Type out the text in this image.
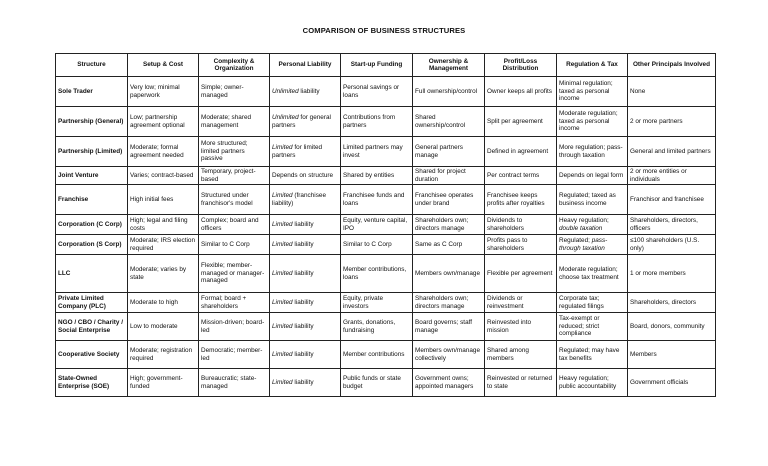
COMPARISON OF BUSINESS STRUCTURES
Structure	Setup & Cost	Complexity & Organization	Personal Liability	Start-up Funding	Ownership & Management	Profit/Loss Distribution	Regulation & Tax	Other Principals Involved
Sole Trader	Very low; minimal paperwork	Simple; owner-managed	Unlimited liability	Personal savings or loans	Full ownership/control	Owner keeps all profits	Minimal regulation; taxed as personal income	None
Partnership (General)	Low; partnership agreement optional	Moderate; shared management	Unlimited for general partners	Contributions from partners	Shared ownership/control	Split per agreement	Moderate regulation; taxed as personal income	2 or more partners
Partnership (Limited)	Moderate; formal agreement needed	More structured; limited partners passive	Limited for limited partners	Limited partners may invest	General partners manage	Defined in agreement	More regulation; pass-through taxation	General and limited partners
Joint Venture	Varies; contract-based	Temporary, project-based	Depends on structure	Shared by entities	Shared for project duration	Per contract terms	Depends on legal form	2 or more entities or individuals
Franchise	High initial fees	Structured under franchisor's model	Limited (franchisee liability)	Franchisee funds and loans	Franchisee operates under brand	Franchisee keeps profits after royalties	Regulated; taxed as business income	Franchisor and franchisee
Corporation (C Corp)	High; legal and filing costs	Complex; board and officers	Limited liability	Equity, venture capital, IPO	Shareholders own; directors manage	Dividends to shareholders	Heavy regulation; double taxation	Shareholders, directors, officers
Corporation (S Corp)	Moderate; IRS election required	Similar to C Corp	Limited liability	Similar to C Corp	Same as C Corp	Profits pass to shareholders	Regulated; pass-through taxation	≤100 shareholders (U.S. only)
LLC	Moderate; varies by state	Flexible; member-managed or manager-managed	Limited liability	Member contributions, loans	Members own/manage	Flexible per agreement	Moderate regulation; choose tax treatment	1 or more members
Private Limited Company (PLC)	Moderate to high	Formal; board + shareholders	Limited liability	Equity, private investors	Shareholders own; directors manage	Dividends or reinvestment	Corporate tax; regulated filings	Shareholders, directors
NGO / CBO / Charity / Social Enterprise	Low to moderate	Mission-driven; board-led	Limited liability	Grants, donations, fundraising	Board governs; staff manage	Reinvested into mission	Tax-exempt or reduced; strict compliance	Board, donors, community
Cooperative Society	Moderate; registration required	Democratic; member-led	Limited liability	Member contributions	Members own/manage collectively	Shared among members	Regulated; may have tax benefits	Members
State-Owned Enterprise (SOE)	High; government-funded	Bureaucratic; state-managed	Limited liability	Public funds or state budget	Government owns; appointed managers	Reinvested or returned to state	Heavy regulation; public accountability	Government officials
